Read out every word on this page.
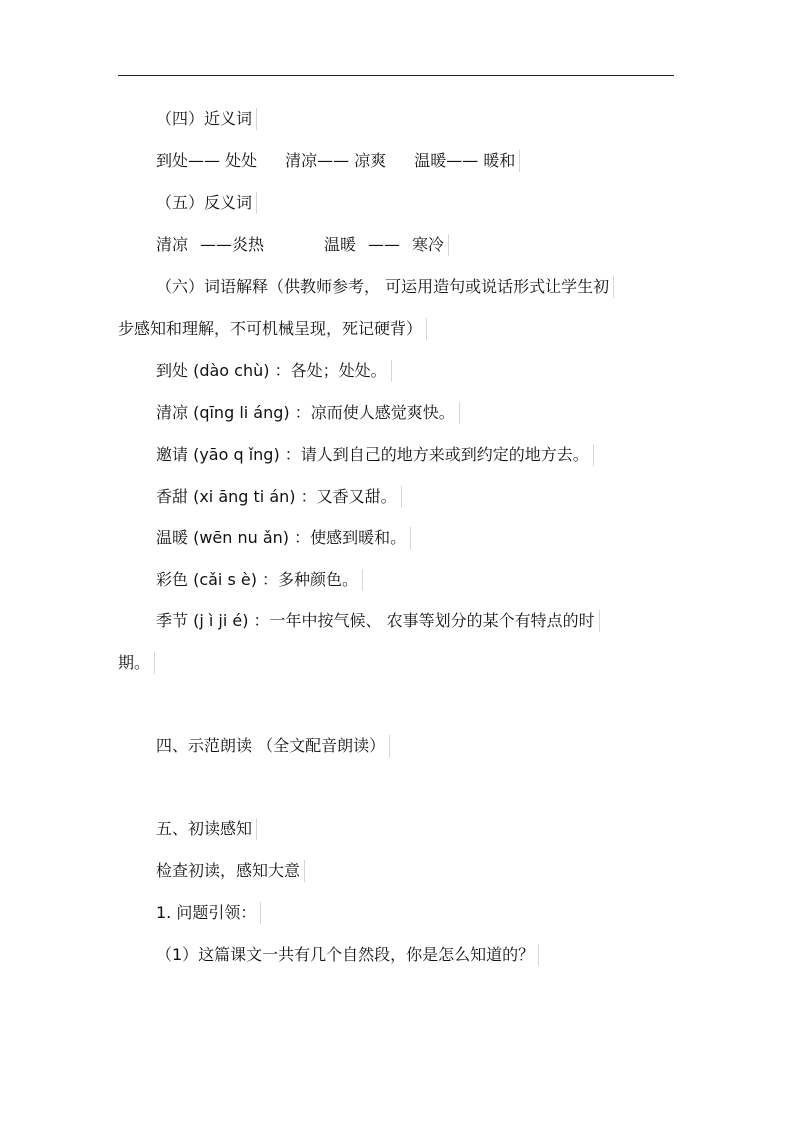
（四）近义词
到处—— 处处 清凉—— 凉爽 温暖—— 暖和
（五）反义词
清凉 ——炎热	温暖 —— 寒冷
（六）词语解释（供教师参考， 可运用造句或说话形式让学生初
步感知和理解，不可机械呈现，死记硬背）
到处 (dào chù) ：各处；处处。
清凉 (qīng li áng) ：凉而使人感觉爽快。
邀请 (yāo q ǐng) ：请人到自己的地方来或到约定的地方去。
香甜 (xi āng ti án) ：又香又甜。
温暖 (wēn nu ǎn) ：使感到暖和。
彩色 (cǎi s è) ：多种颜色。
季节 (j ì ji é) ：一年中按气候、 农事等划分的某个有特点的时
期。
四、示范朗读 （全文配音朗读）
五、初读感知
检查初读，感知大意
1. 问题引领：
（1）这篇课文一共有几个自然段，你是怎么知道的？
